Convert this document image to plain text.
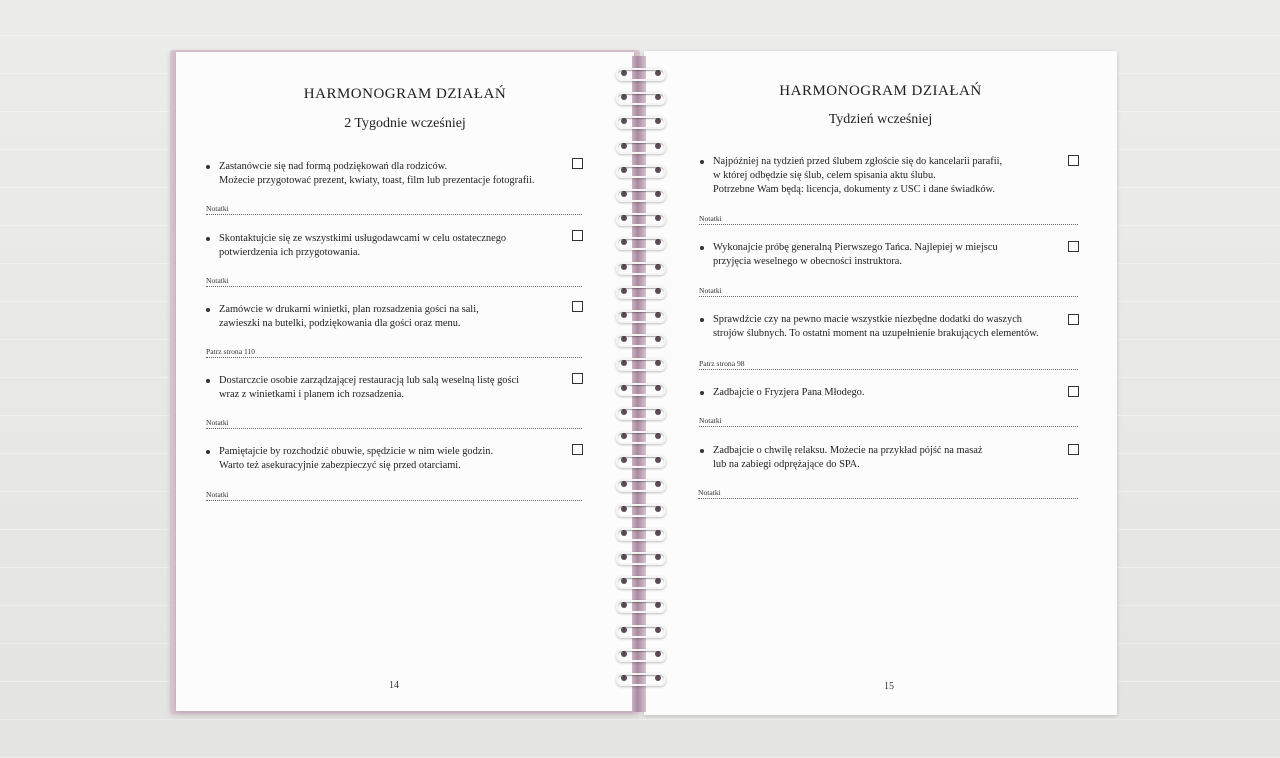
HARMONOGRAM DZIAŁAŃ
2 Tygodnie wcześniej
Zastanówcie się nad formą podziękowań dla rodziców.
Możecie przygotować prezent, kwiaty, toast, film lub prezentacje fotografii.
Notatki
Skontaktujcie się ze wszystkimi usługodawcami w celu ostatecznego
potwierdzenia ich przygotowania.
Notatki
Zamówcie w drukarni winietki, plan rozsadzenia gości na sali,
zawieszki na butelki, podziękowania dla gości oraz menu.
Patrz strona 110
Dostarczcie osobie zarządzającej restauracją lub salą weselną listę gości
wraz z winietkami i planem ich rozsadzenia.
Notatki
Pamiętajcie by rozchodzić obuwie, spędzicie w nim wiele godzin.
Warto też asekuracyjnie zabezpieczyć się przed otarciami.
Notatki
14
HARMONOGRAM DZIAŁAŃ
Tydzień wcześniej
Najpóźniej na tydzień przed ślubem zgłoście się do kancelarii parafii,
w której odbędzie się ślub, celem spisania aktu ślubu.
Potrzebne Wam będą: licencja, dokumenty z USC i dane świadków.
Notatki
Wykonajcie próbę generalną Pierwszego Tańca. Najlepiej w miejscu
przyjęcia weselnego w obecności instruktora.
Notatki
Sprawdźcie czy na pewno macie wszystkie niezbędne dodatki do waszych
strojów ślubnych. To ostatni moment na uzupełnienie brakujących elementów.
Patrz strona 98
Zadbajcie o Fryzjera Pana Młodego.
Notatki
Zadbajcie o chwilę relaksu. Możecie na przykład pójść na masaż
lub na zabiegi odprężające do SPA.
Notatki
15
